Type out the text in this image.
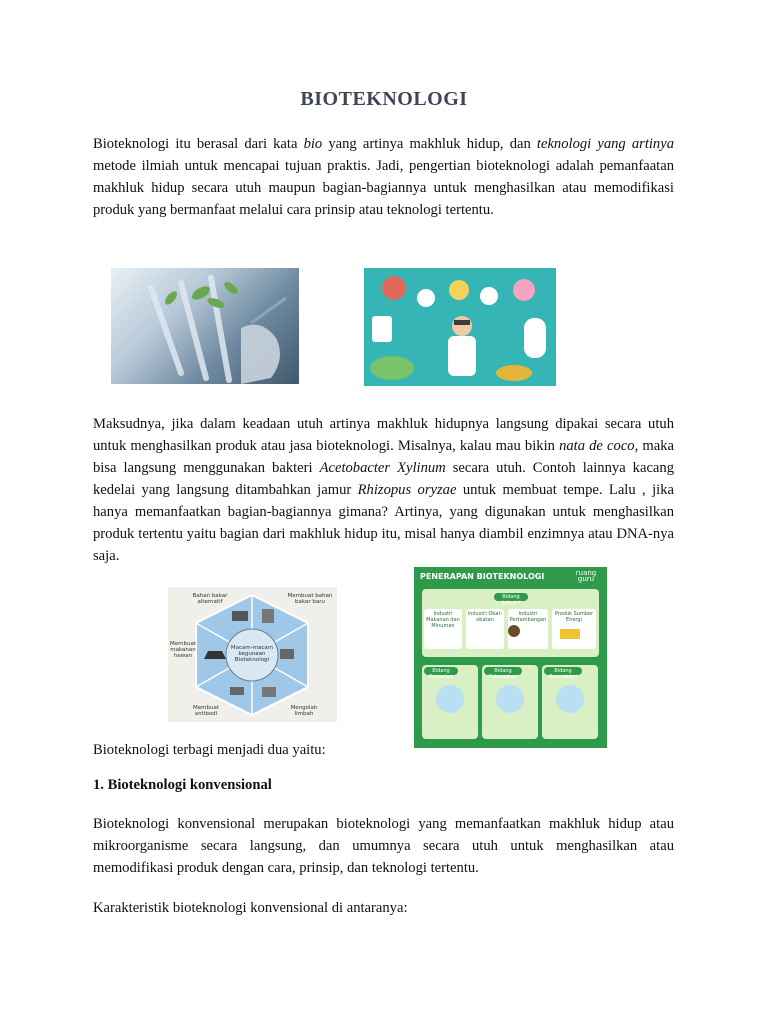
BIOTEKNOLOGI

Bioteknologi itu berasal dari kata bio yang artinya makhluk hidup, dan teknologi yang artinya metode ilmiah untuk mencapai tujuan praktis. Jadi, pengertian bioteknologi adalah pemanfaatan makhluk hidup secara utuh maupun bagian-bagiannya untuk menghasilkan atau memodifikasi produk yang bermanfaat melalui cara prinsip atau teknologi tertentu.

Maksudnya, jika dalam keadaan utuh artinya makhluk hidupnya langsung dipakai secara utuh untuk menghasilkan produk atau jasa bioteknologi. Misalnya, kalau mau bikin nata de coco, maka bisa langsung menggunakan bakteri Acetobacter Xylinum secara utuh. Contoh lainnya kacang kedelai yang langsung ditambahkan jamur Rhizopus oryzae untuk membuat tempe. Lalu , jika hanya memanfaatkan bagian-bagiannya gimana? Artinya, yang digunakan untuk menghasilkan produk tertentu yaitu bagian dari makhluk hidup itu, misal hanya diambil enzimnya atau DNA-nya saja.

Macam-macam kegunaan Bioteknologi
Bahan bakar alternatif
Membuat bahan bakar baru
Membuat makanan hewan
Membuat antibodi
Mengolah limbah
PENERAPAN BIOTEKNOLOGI	ruang guru
Bidang Industri
Industri Makanan dan Minuman
Industri Obat-obatan
Industri Pertambangan
Produk Sumber Energi
Bidang Pertanian
Bidang Peternakan
Bidang Reproduksi

Bioteknologi terbagi menjadi dua yaitu:

1. Bioteknologi konvensional

Bioteknologi konvensional merupakan bioteknologi yang memanfaatkan makhluk hidup atau mikroorganisme secara langsung, dan umumnya secara utuh untuk menghasilkan atau memodifikasi produk dengan cara, prinsip, dan teknologi tertentu.

Karakteristik bioteknologi konvensional di antaranya:
